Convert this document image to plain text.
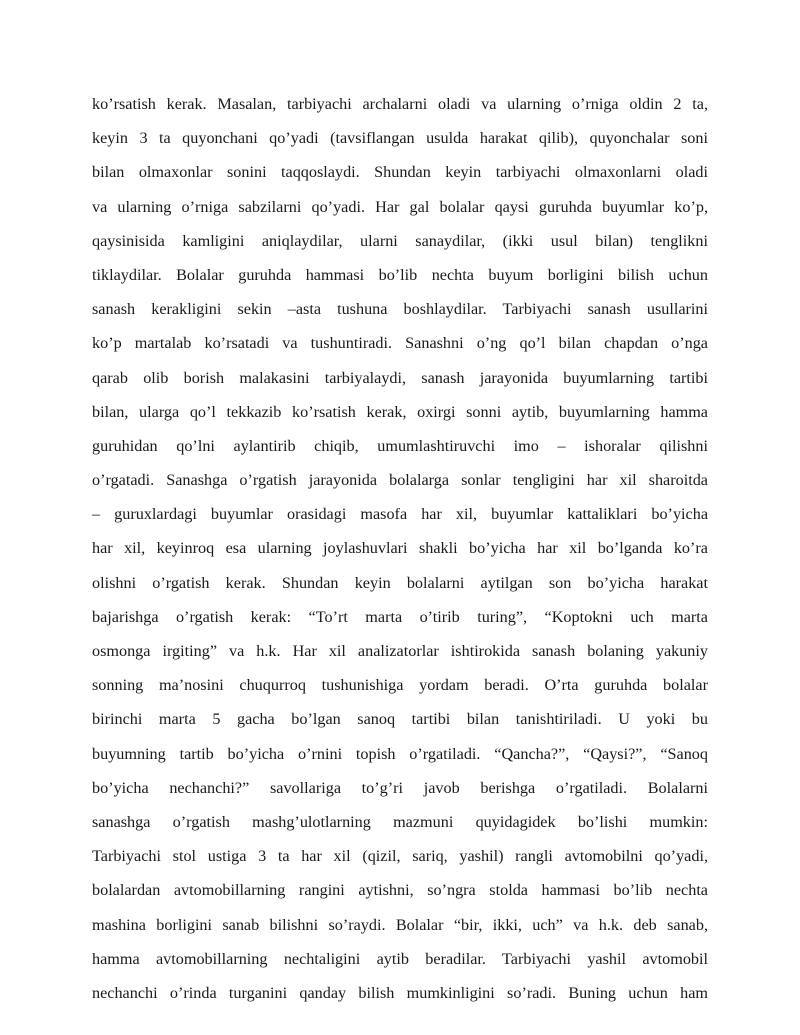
ko’rsatish kerak. Masalan, tarbiyachi archalarni oladi va ularning o’rniga oldin 2 ta,
keyin 3 ta quyonchani qo’yadi (tavsiflangan usulda harakat qilib), quyonchalar soni
bilan olmaxonlar sonini taqqoslaydi. Shundan keyin tarbiyachi olmaxonlarni oladi
va ularning o’rniga sabzilarni qo’yadi. Har gal bolalar qaysi guruhda buyumlar ko’p,
qaysinisida kamligini aniqlaydilar, ularni sanaydilar, (ikki usul bilan) tenglikni
tiklaydilar. Bolalar guruhda hammasi bo’lib nechta buyum borligini bilish uchun
sanash kerakligini sekin –asta tushuna boshlaydilar. Tarbiyachi sanash usullarini
ko’p martalab ko’rsatadi va tushuntiradi. Sanashni o’ng qo’l bilan chapdan o’nga
qarab olib borish malakasini tarbiyalaydi, sanash jarayonida buyumlarning tartibi
bilan, ularga qo’l tekkazib ko’rsatish kerak, oxirgi sonni aytib, buyumlarning hamma
guruhidan qo’lni aylantirib chiqib, umumlashtiruvchi imo – ishoralar qilishni
o’rgatadi. Sanashga o’rgatish jarayonida bolalarga sonlar tengligini har xil sharoitda
– guruxlardagi buyumlar orasidagi masofa har xil, buyumlar kattaliklari bo’yicha
har xil, keyinroq esa ularning joylashuvlari shakli bo’yicha har xil bo’lganda ko’ra
olishni o’rgatish kerak. Shundan keyin bolalarni aytilgan son bo’yicha harakat
bajarishga o’rgatish kerak: “To’rt marta o’tirib turing”, “Koptokni uch marta
osmonga irgiting” va h.k. Har xil analizatorlar ishtirokida sanash bolaning yakuniy
sonning ma’nosini chuqurroq tushunishiga yordam beradi. O’rta guruhda bolalar
birinchi marta 5 gacha bo’lgan sanoq tartibi bilan tanishtiriladi. U yoki bu
buyumning tartib bo’yicha o’rnini topish o’rgatiladi. “Qancha?”, “Qaysi?”, “Sanoq
bo’yicha nechanchi?” savollariga to’g’ri javob berishga o’rgatiladi. Bolalarni
sanashga o’rgatish mashg’ulotlarning mazmuni quyidagidek bo’lishi mumkin:
Tarbiyachi stol ustiga 3 ta har xil (qizil, sariq, yashil) rangli avtomobilni qo’yadi,
bolalardan avtomobillarning rangini aytishni, so’ngra stolda hammasi bo’lib nechta
mashina borligini sanab bilishni so’raydi. Bolalar “bir, ikki, uch” va h.k. deb sanab,
hamma avtomobillarning nechtaligini aytib beradilar. Tarbiyachi yashil avtomobil
nechanchi o’rinda turganini qanday bilish mumkinligini so’radi. Buning uchun ham
